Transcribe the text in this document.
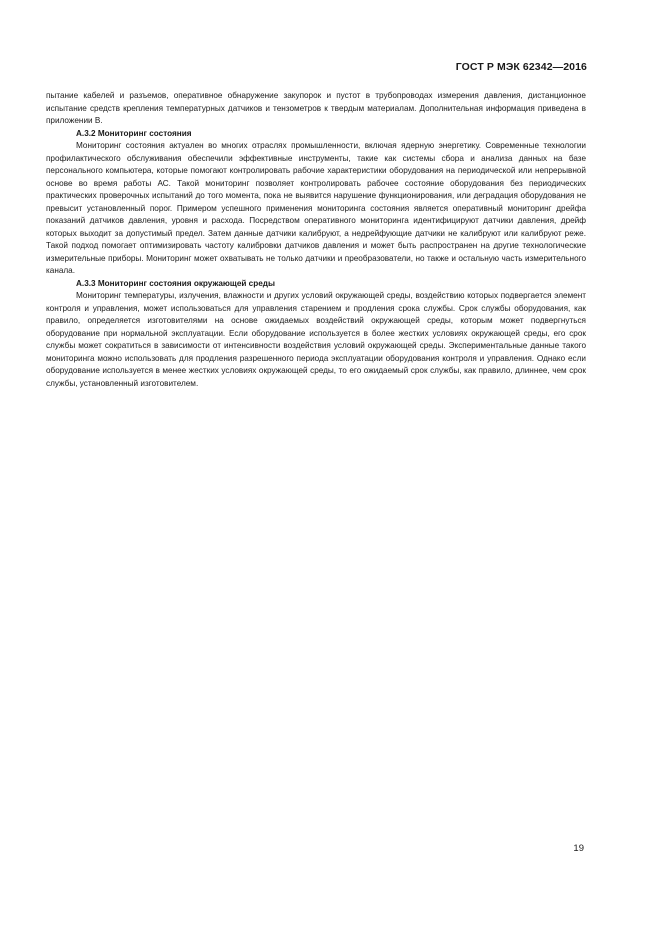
ГОСТ Р МЭК 62342—2016

пытание кабелей и разъемов, оперативное обнаружение закупорок и пустот в трубопроводах измерения давления, дистанционное испытание средств крепления температурных датчиков и тензометров к твердым материалам. Дополнительная информация приведена в приложении В.

А.3.2 Мониторинг состояния

Мониторинг состояния актуален во многих отраслях промышленности, включая ядерную энергетику. Современные технологии профилактического обслуживания обеспечили эффективные инструменты, такие как системы сбора и анализа данных на базе персонального компьютера, которые помогают контролировать рабочие характеристики оборудования на периодической или непрерывной основе во время работы АС. Такой мониторинг позволяет контролировать рабочее состояние оборудования без периодических практических проверочных испытаний до того момента, пока не выявится нарушение функционирования, или деградация оборудования не превысит установленный порог. Примером успешного применения мониторинга состояния является оперативный мониторинг дрейфа показаний датчиков давления, уровня и расхода. Посредством оперативного мониторинга идентифицируют датчики давления, дрейф которых выходит за допустимый предел. Затем данные датчики калибруют, а недрейфующие датчики не калибруют или калибруют реже. Такой подход помогает оптимизировать частоту калибровки датчиков давления и может быть распространен на другие технологические измерительные приборы. Мониторинг может охватывать не только датчики и преобразователи, но также и остальную часть измерительного канала.

А.3.3 Мониторинг состояния окружающей среды

Мониторинг температуры, излучения, влажности и других условий окружающей среды, воздействию которых подвергается элемент контроля и управления, может использоваться для управления старением и продления срока службы. Срок службы оборудования, как правило, определяется изготовителями на основе ожидаемых воздействий окружающей среды, которым может подвергнуться оборудование при нормальной эксплуатации. Если оборудование используется в более жестких условиях окружающей среды, его срок службы может сократиться в зависимости от интенсивности воздействия условий окружающей среды. Экспериментальные данные такого мониторинга можно использовать для продления разрешенного периода эксплуатации оборудования контроля и управления. Однако если оборудование используется в менее жестких условиях окружающей среды, то его ожидаемый срок службы, как правило, длиннее, чем срок службы, установленный изготовителем.

19
